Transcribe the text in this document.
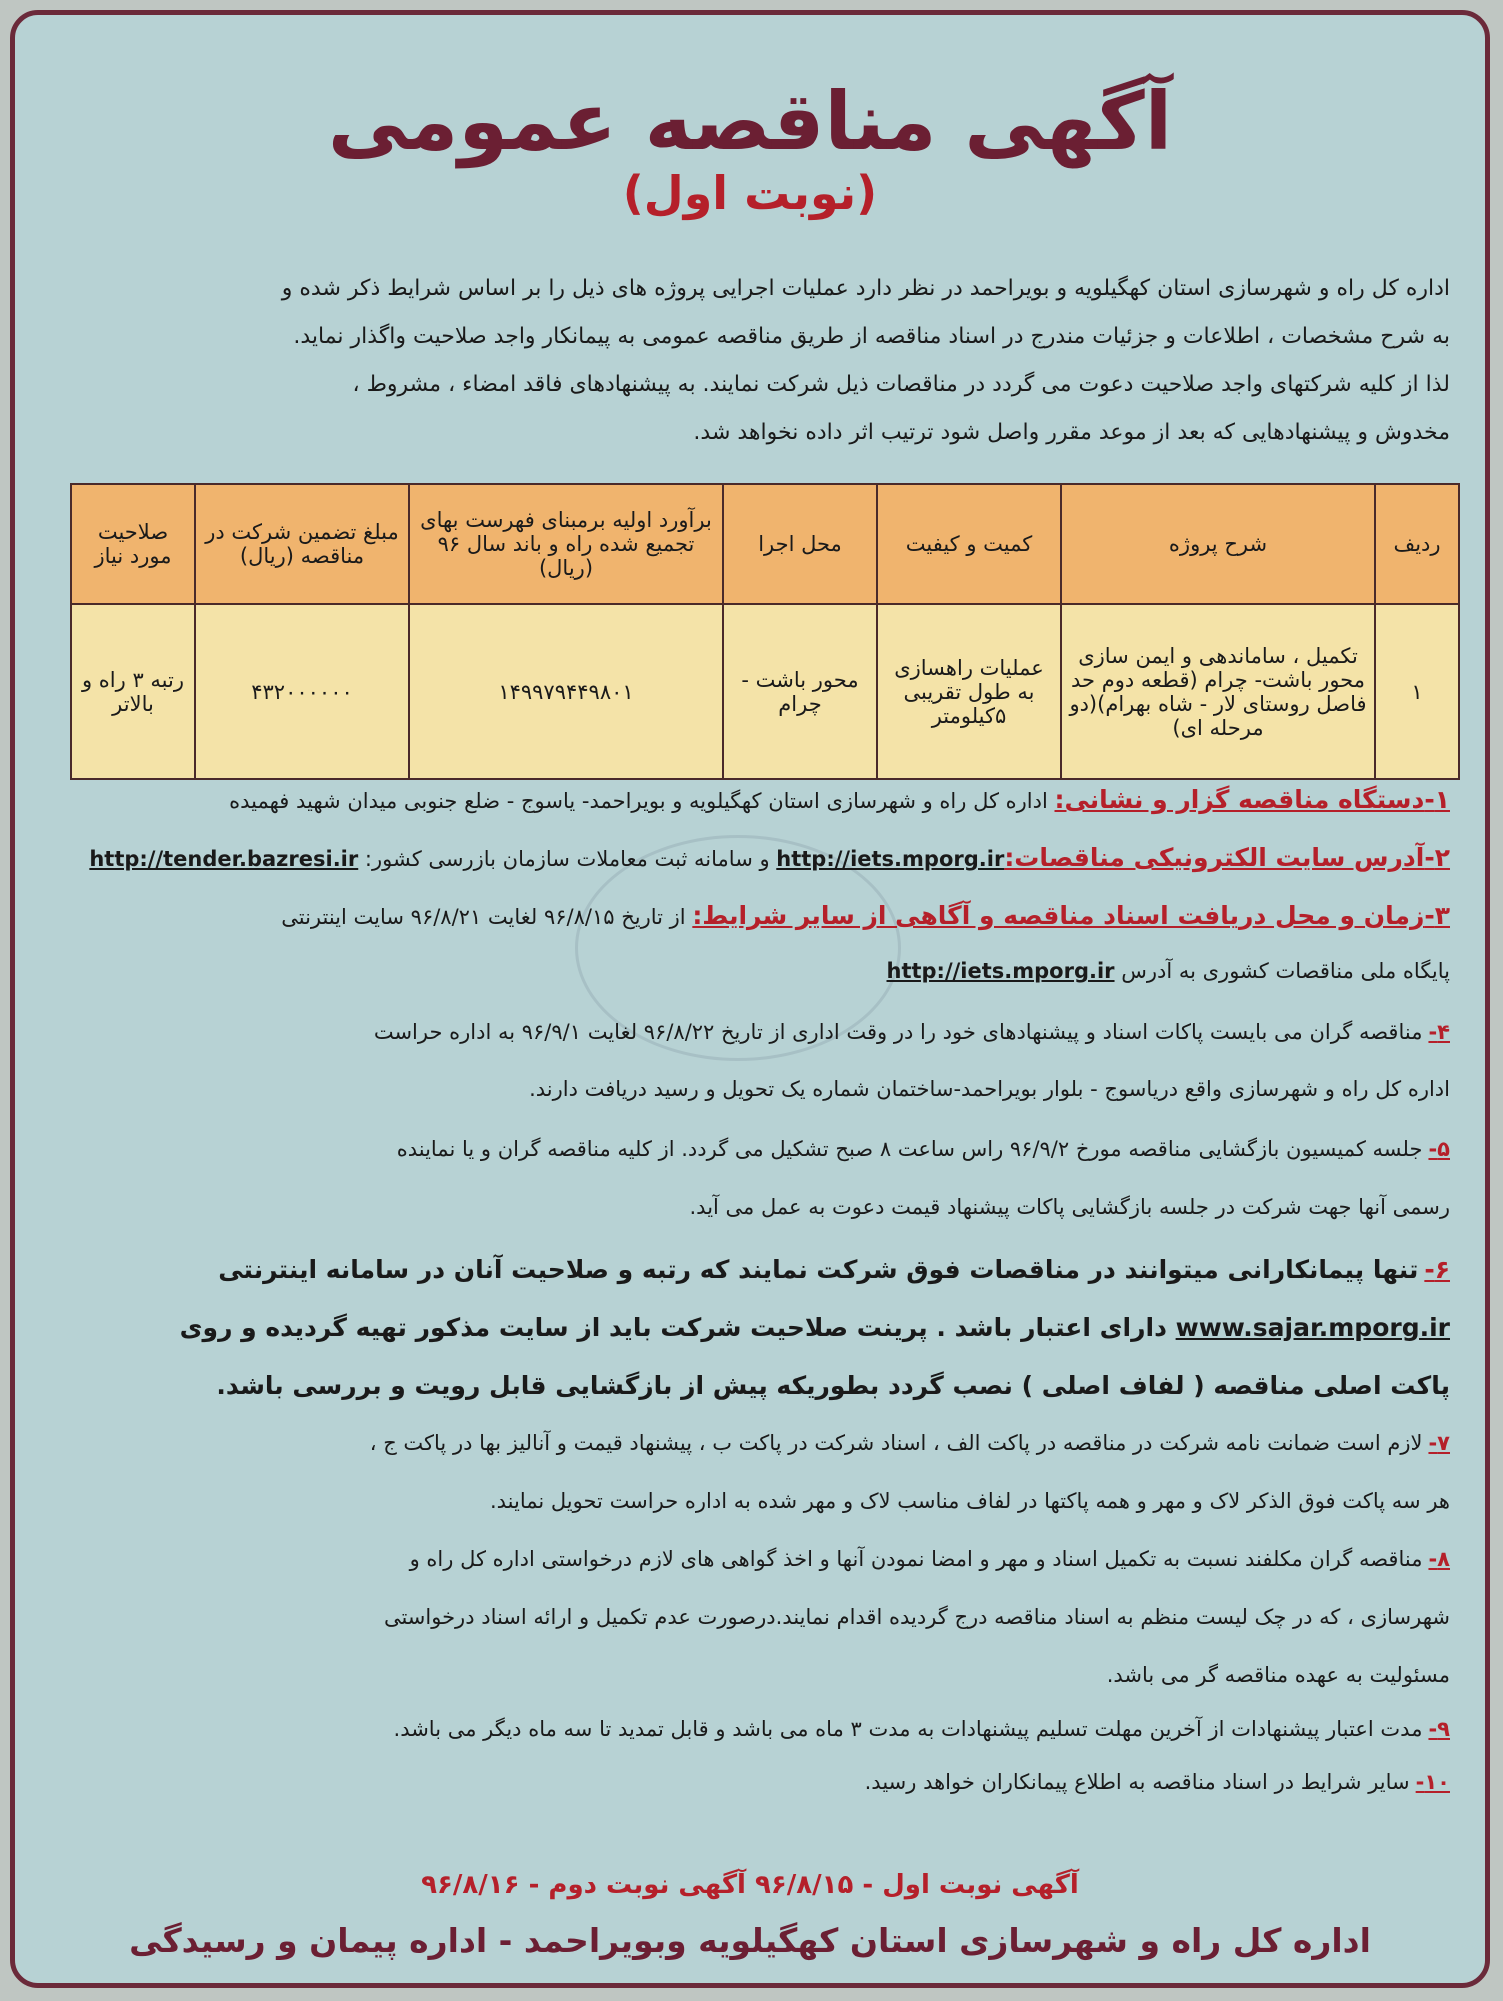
آگهی مناقصه عمومی
(نوبت اول)
اداره کل راه و شهرسازی استان کهگیلویه و بویراحمد در نظر دارد عملیات اجرایی پروژه های ذیل را بر اساس شرایط ذکر شده و
به شرح مشخصات ، اطلاعات و جزئیات مندرج در اسناد مناقصه از طریق مناقصه عمومی به پیمانکار واجد صلاحیت واگذار نماید.
لذا از کلیه شرکتهای واجد صلاحیت دعوت می گردد در مناقصات ذیل شرکت نمایند. به پیشنهادهای فاقد امضاء ، مشروط ،
مخدوش و پیشنهادهایی که بعد از موعد مقرر واصل شود ترتیب اثر داده نخواهد شد.
ردیف	شرح پروژه	کمیت و کیفیت	محل اجرا	برآورد اولیه برمبنای فهرست بهای تجمیع شده راه و باند سال ۹۶ (ریال)	مبلغ تضمین شرکت در مناقصه (ریال)	صلاحیت مورد نیاز
۱	تکمیل ، ساماندهی و ایمن سازی محور باشت- چرام (قطعه دوم حد فاصل روستای لار - شاه بهرام)(دو مرحله ای)	عملیات راهسازی به طول تقریبی ۵کیلومتر	محور باشت - چرام	۱۴۹۹۷۹۴۴۹۸۰۱	۴۳۲۰۰۰۰۰۰	رتبه ۳ راه و بالاتر
۱-دستگاه مناقصه گزار و نشانی: اداره کل راه و شهرسازی استان کهگیلویه و بویراحمد- یاسوج - ضلع جنوبی میدان شهید فهمیده
۲-آدرس سایت الکترونیکی مناقصات:http://iets.mporg.ir و سامانه ثبت معاملات سازمان بازرسی کشور: http://tender.bazresi.ir
۳-زمان و محل دریافت اسناد مناقصه و آگاهی از سایر شرایط: از تاریخ ۹۶/۸/۱۵ لغایت ۹۶/۸/۲۱ سایت اینترنتی
پایگاه ملی مناقصات کشوری به آدرس http://iets.mporg.ir
۴-مناقصه گران می بایست پاکات اسناد و پیشنهادهای خود را در وقت اداری از تاریخ ۹۶/۸/۲۲ لغایت ۹۶/۹/۱ به اداره حراست
اداره کل راه و شهرسازی واقع دریاسوج - بلوار بویراحمد-ساختمان شماره یک تحویل و رسید دریافت دارند.
۵-جلسه کمیسیون بازگشایی مناقصه مورخ ۹۶/۹/۲ راس ساعت ۸ صبح تشکیل می گردد. از کلیه مناقصه گران و یا نماینده
رسمی آنها جهت شرکت در جلسه بازگشایی پاکات پیشنهاد قیمت دعوت به عمل می آید.
۶-تنها پیمانکارانی میتوانند در مناقصات فوق شرکت نمایند که رتبه و صلاحیت آنان در سامانه اینترنتی
www.sajar.mporg.ir دارای اعتبار باشد . پرینت صلاحیت شرکت باید از سایت مذکور تهیه گردیده و روی
پاکت اصلی مناقصه ( لفاف اصلی ) نصب گردد بطوریکه پیش از بازگشایی قابل رویت و بررسی باشد.
۷-لازم است ضمانت نامه شرکت در مناقصه در پاکت الف ، اسناد شرکت در پاکت ب ، پیشنهاد قیمت و آنالیز بها در پاکت ج ،
هر سه پاکت فوق الذکر لاک و مهر و همه پاکتها در لفاف مناسب لاک و مهر شده به اداره حراست تحویل نمایند.
۸-مناقصه گران مکلفند نسبت به تکمیل اسناد و مهر و امضا نمودن آنها و اخذ گواهی های لازم درخواستی اداره کل راه و
شهرسازی ، که در چک لیست منظم به اسناد مناقصه درج گردیده اقدام نمایند.درصورت عدم تکمیل و ارائه اسناد درخواستی
مسئولیت به عهده مناقصه گر می باشد.
۹-مدت اعتبار پیشنهادات از آخرین مهلت تسلیم پیشنهادات به مدت ۳ ماه می باشد و قابل تمدید تا سه ماه دیگر می باشد.
۱۰-سایر شرایط در اسناد مناقصه به اطلاع پیمانکاران خواهد رسید.
آگهی نوبت اول - ۹۶/۸/۱۵ آگهی نوبت دوم - ۹۶/۸/۱۶
اداره کل راه و شهرسازی استان کهگیلویه وبویراحمد - اداره پیمان و رسیدگی
